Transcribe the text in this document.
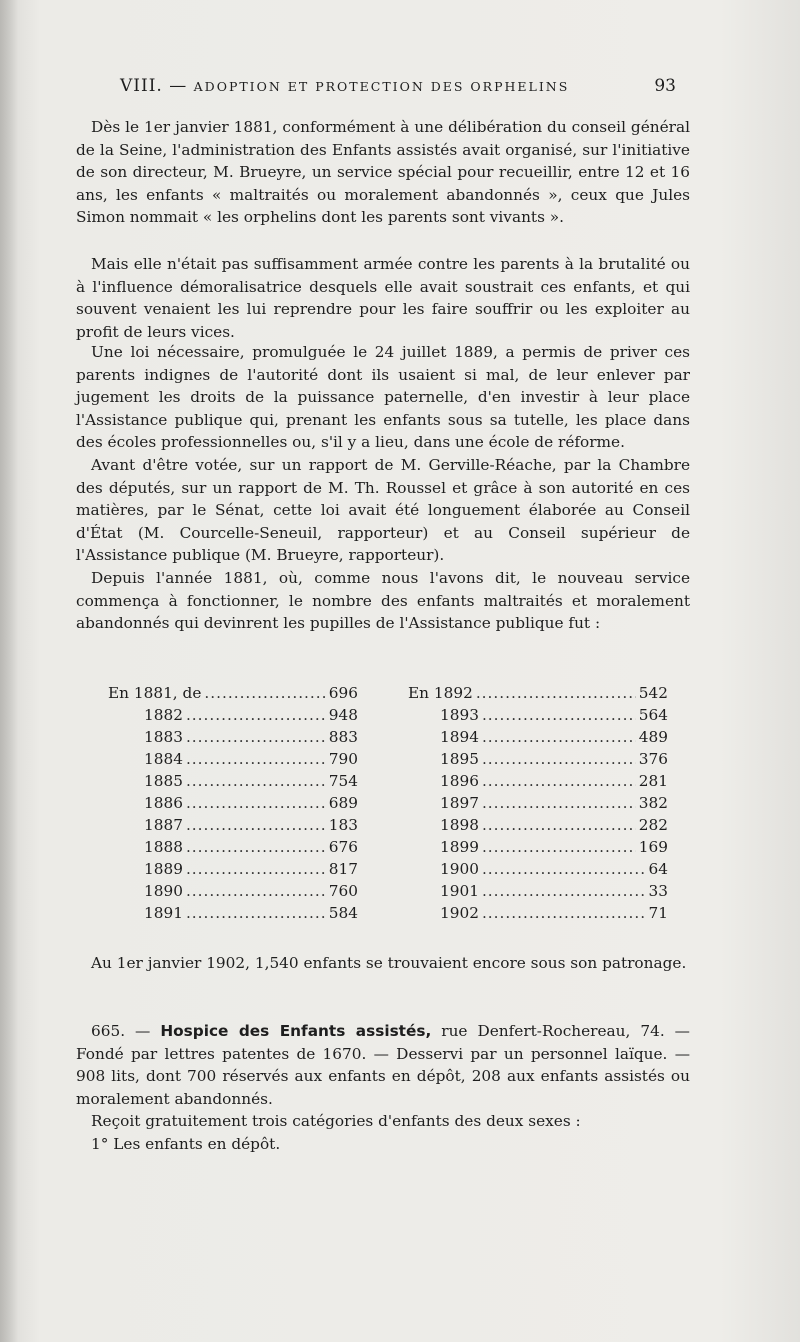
VIII. — ADOPTION ET PROTECTION DES ORPHELINS	93

Dès le 1er janvier 1881, conformément à une délibération du conseil général de la Seine, l'administration des Enfants assistés avait organisé, sur l'initiative de son directeur, M. Brueyre, un service spécial pour recueillir, entre 12 et 16 ans, les enfants « maltraités ou moralement abandonnés », ceux que Jules Simon nommait « les orphelins dont les parents sont vivants ».

Mais elle n'était pas suffisamment armée contre les parents à la brutalité ou à l'influence démoralisatrice desquels elle avait soustrait ces enfants, et qui souvent venaient les lui reprendre pour les faire souffrir ou les exploiter au profit de leurs vices.

Une loi nécessaire, promulguée le 24 juillet 1889, a permis de priver ces parents indignes de l'autorité dont ils usaient si mal, de leur enlever par jugement les droits de la puissance paternelle, d'en investir à leur place l'Assistance publique qui, prenant les enfants sous sa tutelle, les place dans des écoles professionnelles ou, s'il y a lieu, dans une école de réforme.

Avant d'être votée, sur un rapport de M. Gerville-Réache, par la Chambre des députés, sur un rapport de M. Th. Roussel et grâce à son autorité en ces matières, par le Sénat, cette loi avait été longuement élaborée au Conseil d'État (M. Courcelle-Seneuil, rapporteur) et au Conseil supérieur de l'Assistance publique (M. Brueyre, rapporteur).

Depuis l'année 1881, où, comme nous l'avons dit, le nouveau service commença à fonctionner, le nombre des enfants maltraités et moralement abandonnés qui devinrent les pupilles de l'Assistance publique fut :

En 1881, de .....	696
1882 .....	948
1883 .....	883
1884 .....	790
1885 .....	754
1886 .....	689
1887 .....	183
1888 .....	676
1889 .....	817
1890 .....	760
1891 .....	584
En 1892 .....	542
1893 .....	564
1894 .....	489
1895 .....	376
1896 .....	281
1897 .....	382
1898 .....	282
1899 .....	169
1900 .....	64
1901 .....	33
1902 .....	71

Au 1er janvier 1902, 1,540 enfants se trouvaient encore sous son patronage.

665. — Hospice des Enfants assistés, rue Denfert-Rochereau, 74. — Fondé par lettres patentes de 1670. — Desservi par un personnel laïque. — 908 lits, dont 700 réservés aux enfants en dépôt, 208 aux enfants assistés ou moralement abandonnés.

Reçoit gratuitement trois catégories d'enfants des deux sexes :

1° Les enfants en dépôt.
